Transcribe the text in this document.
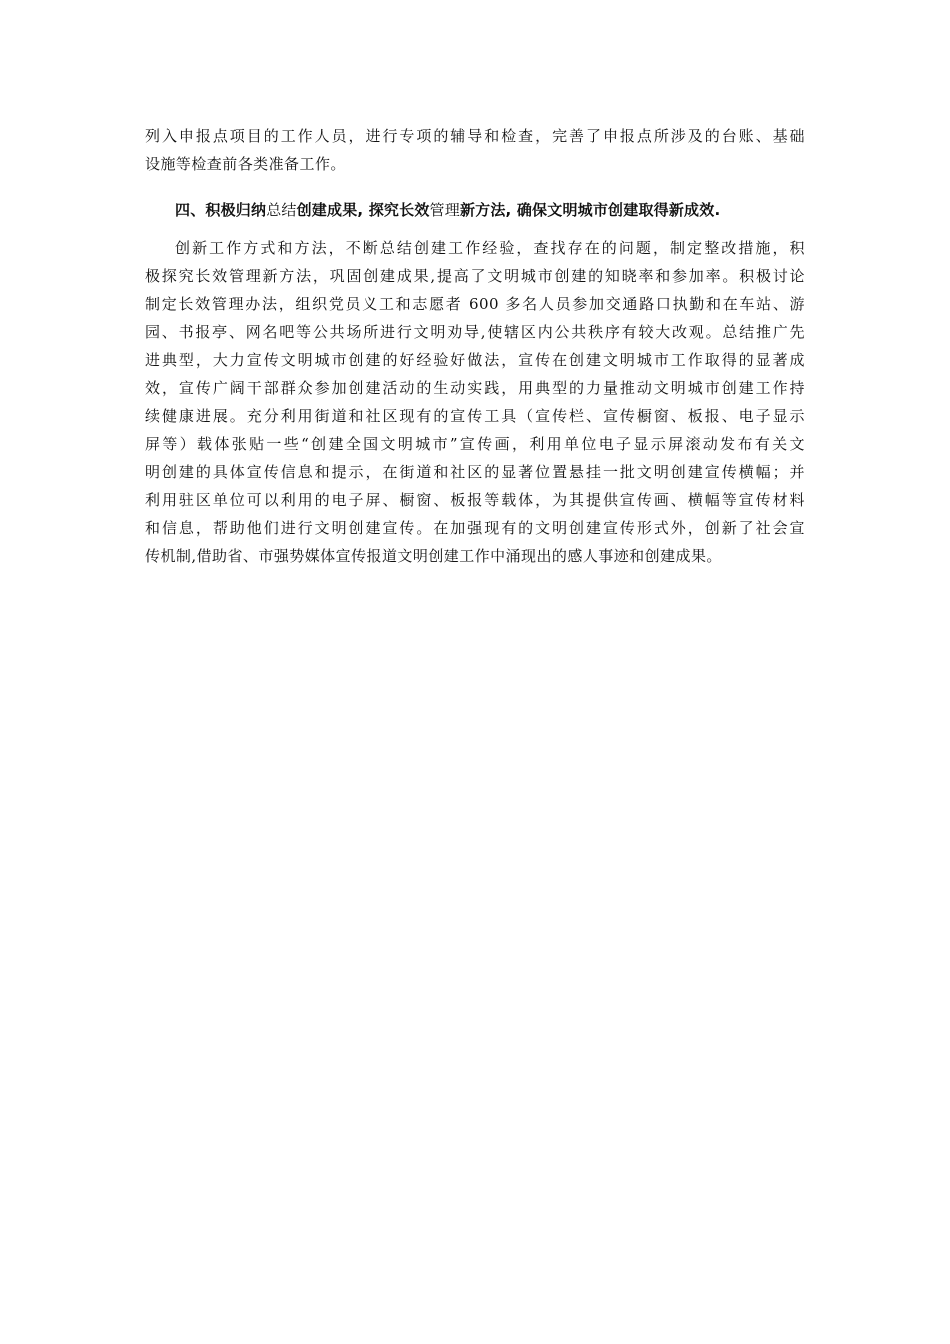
列入申报点项目的工作人员，进行专项的辅导和检查，完善了申报点所涉及的台账、基础
设施等检查前各类准备工作。
四、积极归纳总结创建成果, 探究长效管理新方法, 确保文明城市创建取得新成效.
创新工作方式和方法，不断总结创建工作经验，查找存在的问题，制定整改措施，积
极探究长效管理新方法，巩固创建成果,提高了文明城市创建的知晓率和参加率。积极讨论
制定长效管理办法，组织党员义工和志愿者 600 多名人员参加交通路口执勤和在车站、游
园、书报亭、网名吧等公共场所进行文明劝导,使辖区内公共秩序有较大改观。总结推广先
进典型，大力宣传文明城市创建的好经验好做法，宣传在创建文明城市工作取得的显著成
效，宣传广阔干部群众参加创建活动的生动实践，用典型的力量推动文明城市创建工作持
续健康进展。充分利用街道和社区现有的宣传工具（宣传栏、宣传橱窗、板报、电子显示
屏等）载体张贴一些“创建全国文明城市”宣传画，利用单位电子显示屏滚动发布有关文
明创建的具体宣传信息和提示，在街道和社区的显著位置悬挂一批文明创建宣传横幅；并
利用驻区单位可以利用的电子屏、橱窗、板报等载体，为其提供宣传画、横幅等宣传材料
和信息，帮助他们进行文明创建宣传。在加强现有的文明创建宣传形式外，创新了社会宣
传机制,借助省、市强势媒体宣传报道文明创建工作中涌现出的感人事迹和创建成果。
